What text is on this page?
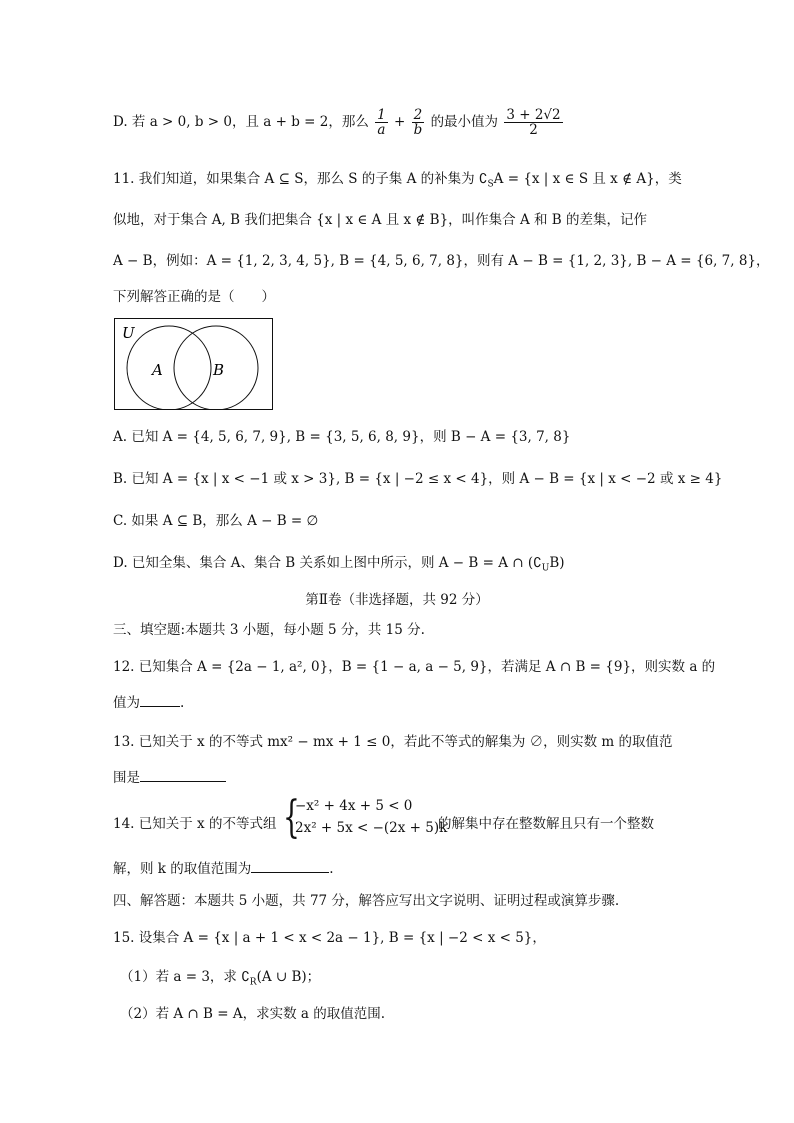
D. 若 a > 0, b > 0，且 a + b = 2，那么 $\frac{1}{a} + \frac{2}{b}$ 的最小值为 $\frac{3 + 2√2}{2}$
11. 我们知道，如果集合 A ⊆ S，那么 S 的子集 A 的补集为 $∁_SA = \{x$ | x ∈ S 且 x ∉ A}，类
似地，对于集合 A, B 我们把集合 {x | x ∈ A 且 x ∉ B}，叫作集合 A 和 B 的差集，记作
A − B，例如：A = {1, 2, 3, 4, 5}, B = {4, 5, 6, 7, 8}，则有 A − B = {1, 2, 3}, B − A = {6, 7, 8}，
下列解答正确的是（　　）
U
A	B
A. 已知 A = {4, 5, 6, 7, 9}, B = {3, 5, 6, 8, 9}，则 B − A = {3, 7, 8}
B. 已知 A = {x | x < −1 或 x > 3}, B = {x | −2 ≤ x < 4}，则 A − B = {x | x < −2 或 x ≥ 4}
C. 如果 A ⊆ B，那么 A − B = ∅
D. 已知全集、集合 A、集合 B 关系如上图中所示，则 A − B = A ∩ $(∁_UB)$
第Ⅱ卷（非选择题，共 92 分）
三、填空题:本题共 3 小题，每小题 5 分，共 15 分.
12. 已知集合 A = {2a − 1, a², 0}，B = {1 − a, a − 5, 9}，若满足 A ∩ B = {9}，则实数 a 的
值为	.
13. 已知关于 x 的不等式 mx² − mx + 1 ≤ 0，若此不等式的解集为 ∅，则实数 m 的取值范
围是
14. 已知关于 x 的不等式组 {
−x² + 4x + 5 < 0
2x² + 5x < −(2x + 5)k
的解集中存在整数解且只有一个整数
解，则 k 的取值范围为	.
四、解答题：本题共 5 小题，共 77 分，解答应写出文字说明、证明过程或演算步骤.
15. 设集合 A = {x | a + 1 < x < 2a − 1}, B = {x | −2 < x < 5}，
（1）若 a = 3，求 $∁_R(A$ ∪ B)；
（2）若 A ∩ B = A，求实数 a 的取值范围.
